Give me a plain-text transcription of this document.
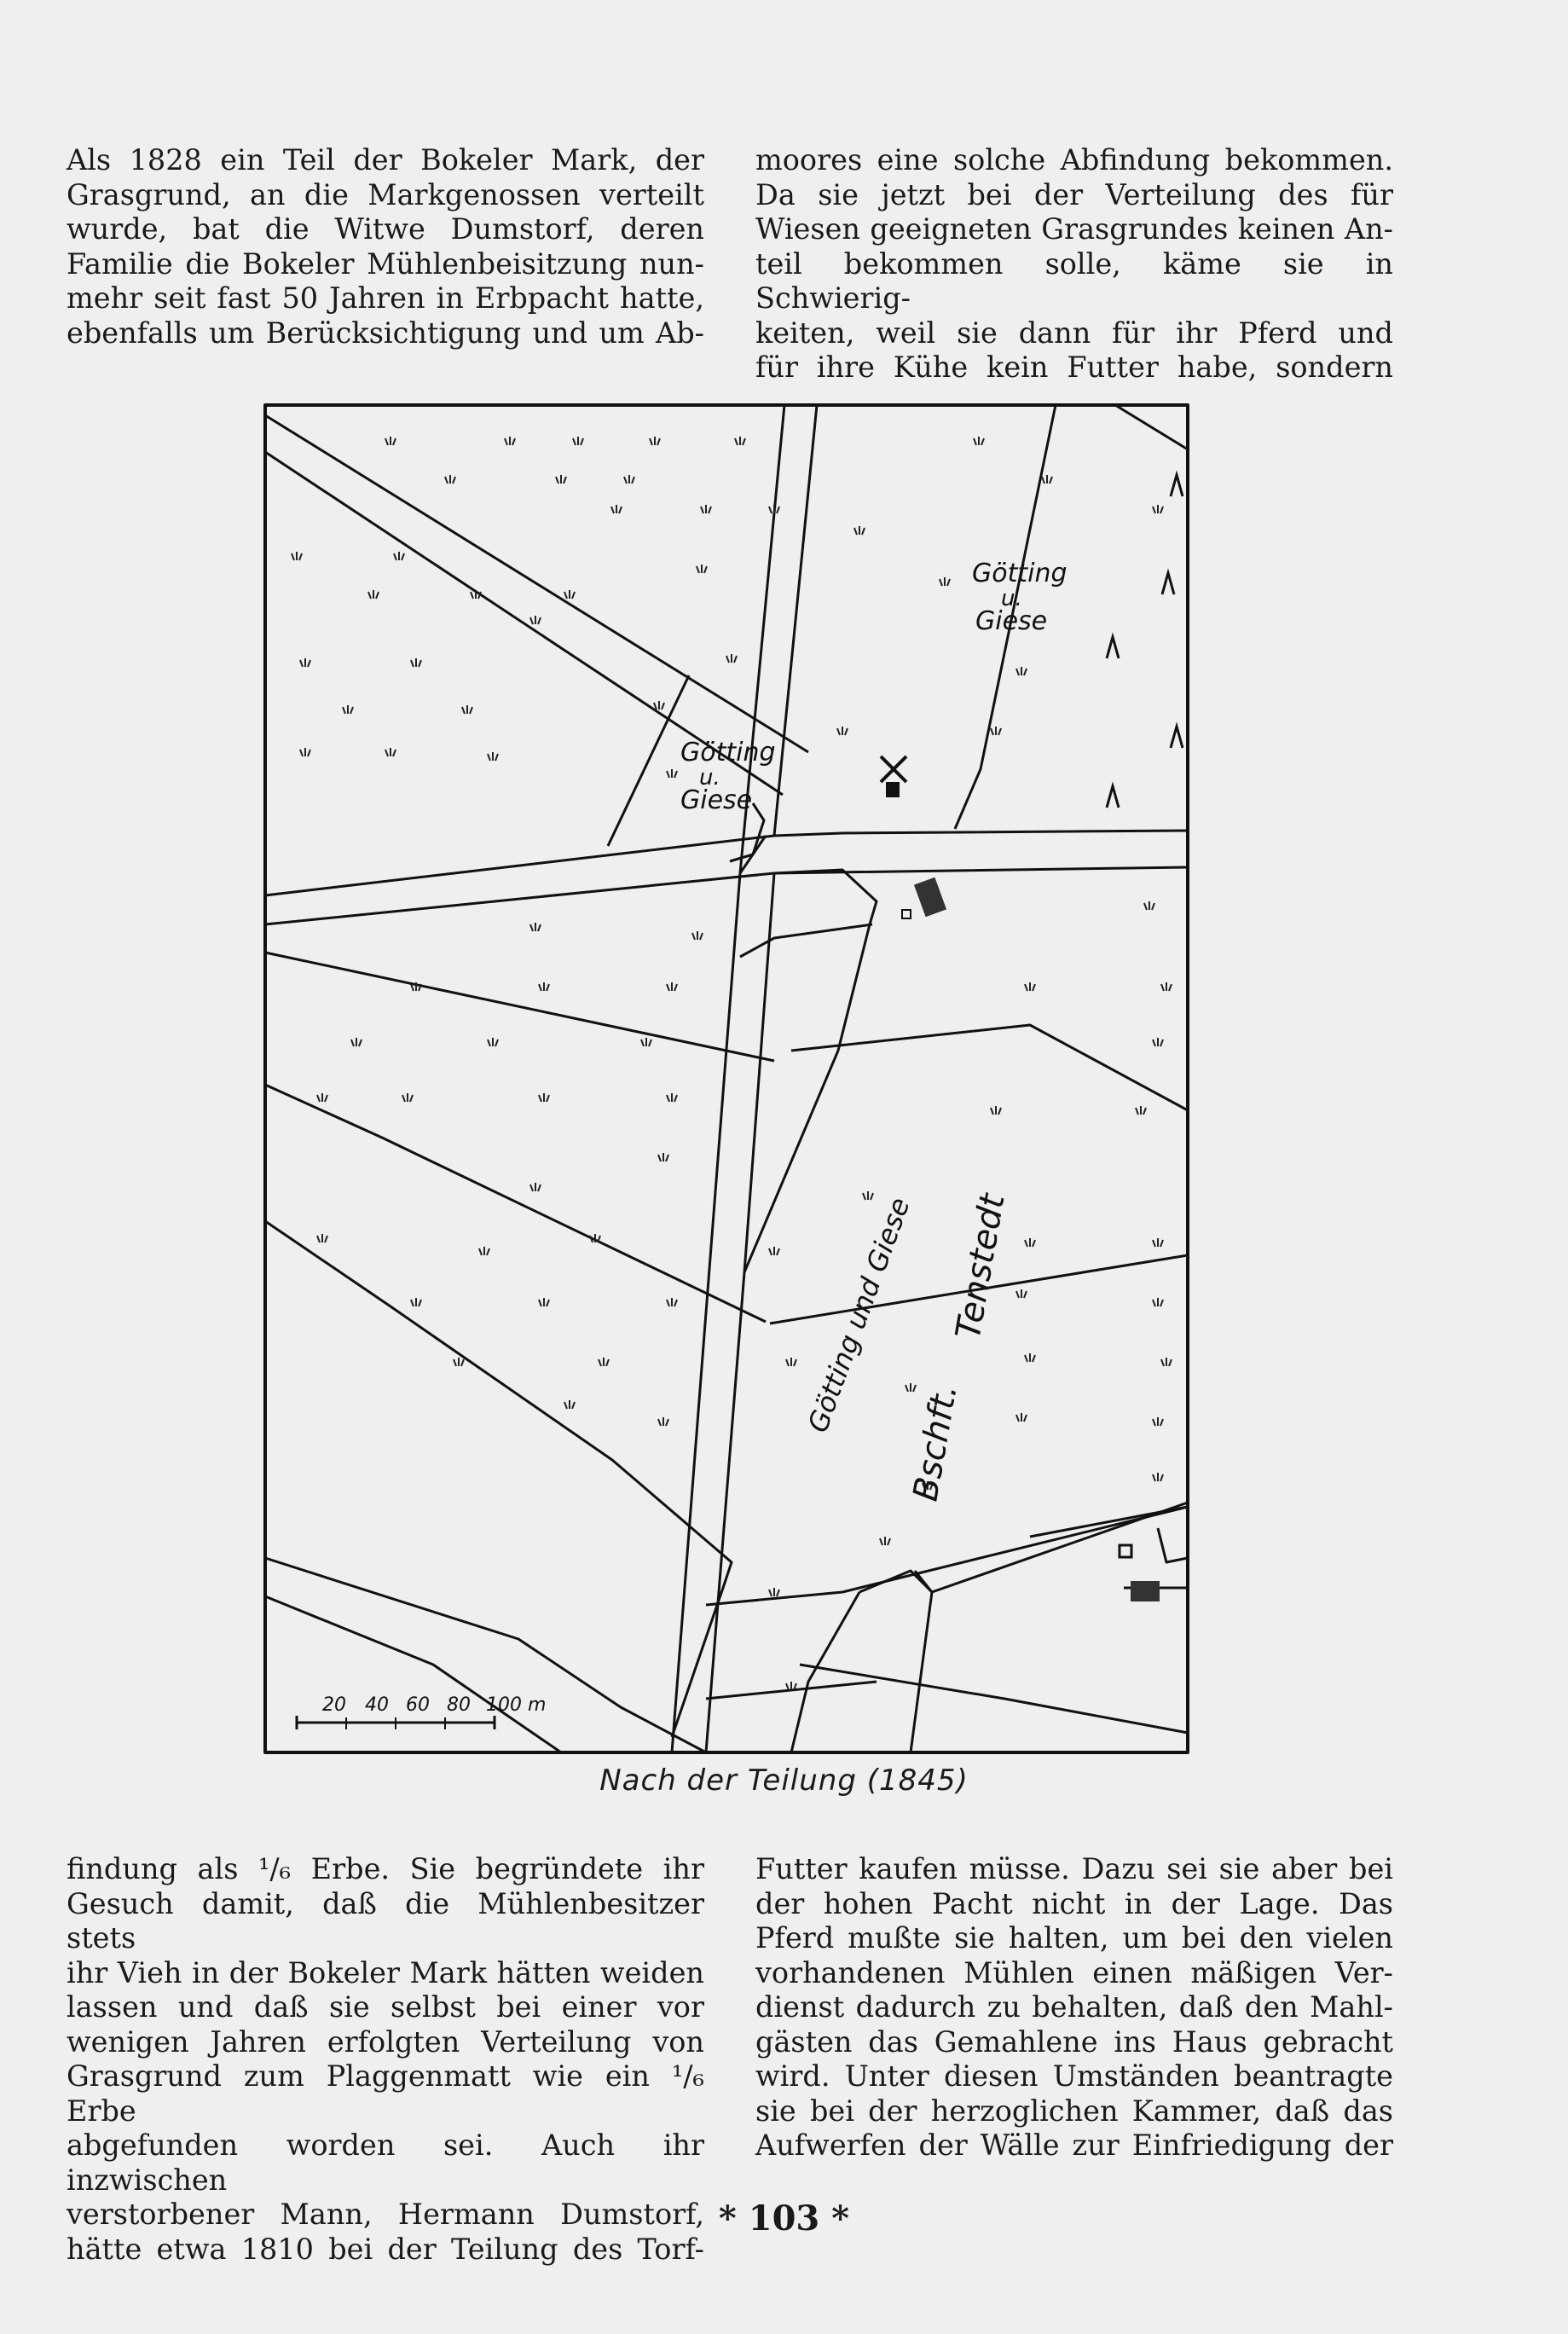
Als 1828 ein Teil der Bokeler Mark, der

Grasgrund, an die Markgenossen verteilt

wurde, bat die Witwe Dumstorf, deren

Familie die Bokeler Mühlenbeisitzung nun-

mehr seit fast 50 Jahren in Erbpacht hatte,

ebenfalls um Berücksichtigung und um Ab-

moores eine solche Abfindung bekommen.

Da sie jetzt bei der Verteilung des für

Wiesen geeigneten Grasgrundes keinen An-

teil bekommen solle, käme sie in Schwierig-

keiten, weil sie dann für ihr Pferd und

für ihre Kühe kein Futter habe, sondern

Götting
u.
Giese
Götting
u.
Giese
Götting und Giese
Bschft.
Tenstedt
20 40 60 80 100 m
Nach der Teilung (1845)

findung als ¹/₆ Erbe. Sie begründete ihr

Gesuch damit, daß die Mühlenbesitzer stets

ihr Vieh in der Bokeler Mark hätten weiden

lassen und daß sie selbst bei einer vor

wenigen Jahren erfolgten Verteilung von

Grasgrund zum Plaggenmatt wie ein ¹/₆ Erbe

abgefunden worden sei. Auch ihr inzwischen

verstorbener Mann, Hermann Dumstorf,

hätte etwa 1810 bei der Teilung des Torf-

Futter kaufen müsse. Dazu sei sie aber bei

der hohen Pacht nicht in der Lage. Das

Pferd mußte sie halten, um bei den vielen

vorhandenen Mühlen einen mäßigen Ver-

dienst dadurch zu behalten, daß den Mahl-

gästen das Gemahlene ins Haus gebracht

wird. Unter diesen Umständen beantragte

sie bei der herzoglichen Kammer, daß das

Aufwerfen der Wälle zur Einfriedigung der

* 103 *
